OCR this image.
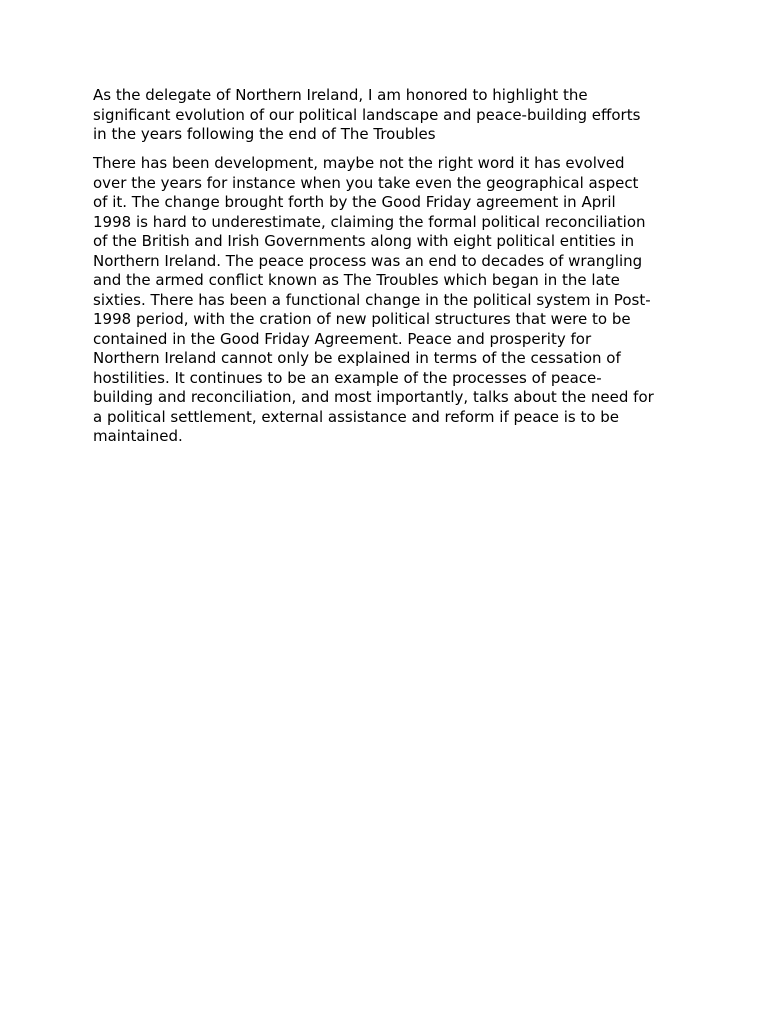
As the delegate of Northern Ireland, I am honored to highlight the
significant evolution of our political landscape and peace-building efforts
in the years following the end of The Troubles

There has been development, maybe not the right word it has evolved
over the years for instance when you take even the geographical aspect
of it. The change brought forth by the Good Friday agreement in April
1998 is hard to underestimate, claiming the formal political reconciliation
of the British and Irish Governments along with eight political entities in
Northern Ireland. The peace process was an end to decades of wrangling
and the armed conflict known as The Troubles which began in the late
sixties. There has been a functional change in the political system in Post-
1998 period, with the cration of new political structures that were to be
contained in the Good Friday Agreement. Peace and prosperity for
Northern Ireland cannot only be explained in terms of the cessation of
hostilities. It continues to be an example of the processes of peace-
building and reconciliation, and most importantly, talks about the need for
a political settlement, external assistance and reform if peace is to be
maintained.
